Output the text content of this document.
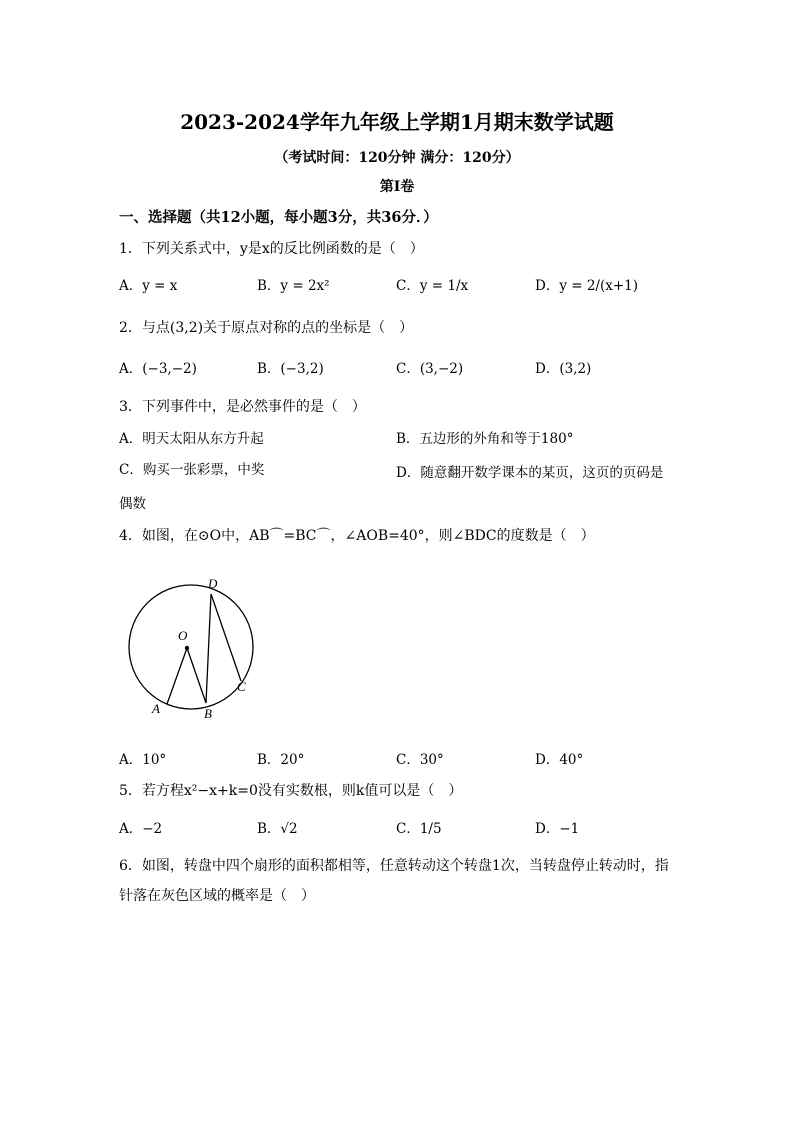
2023-2024学年九年级上学期1月期末数学试题
（考试时间：120分钟 满分：120分）
第Ⅰ卷
一、选择题（共12小题，每小题3分，共36分．）
1．下列关系式中，y是x的反比例函数的是（　）
A．y = x	B．y = 2x²	C．y = 1/x	D．y = 2/(x+1)
2．与点(3,2)关于原点对称的点的坐标是（　）
A．(−3,−2)	B．(−3,2)	C．(3,−2)	D．(3,2)
3．下列事件中，是必然事件的是（　）
A．明天太阳从东方升起	B．五边形的外角和等于180°
C．购买一张彩票，中奖	D．随意翻开数学课本的某页，这页的页码是偶数
4．如图，在⊙O中，AB⌒=BC⌒，∠AOB=40°，则∠BDC的度数是（　）
O
A	B
C
D
A．10°	B．20°	C．30°	D．40°
5．若方程x²−x+k=0没有实数根，则k值可以是（　）
A．−2	B．√2	C．1/5	D．−1
6．如图，转盘中四个扇形的面积都相等，任意转动这个转盘1次，当转盘停止转动时，指
针落在灰色区域的概率是（　）
